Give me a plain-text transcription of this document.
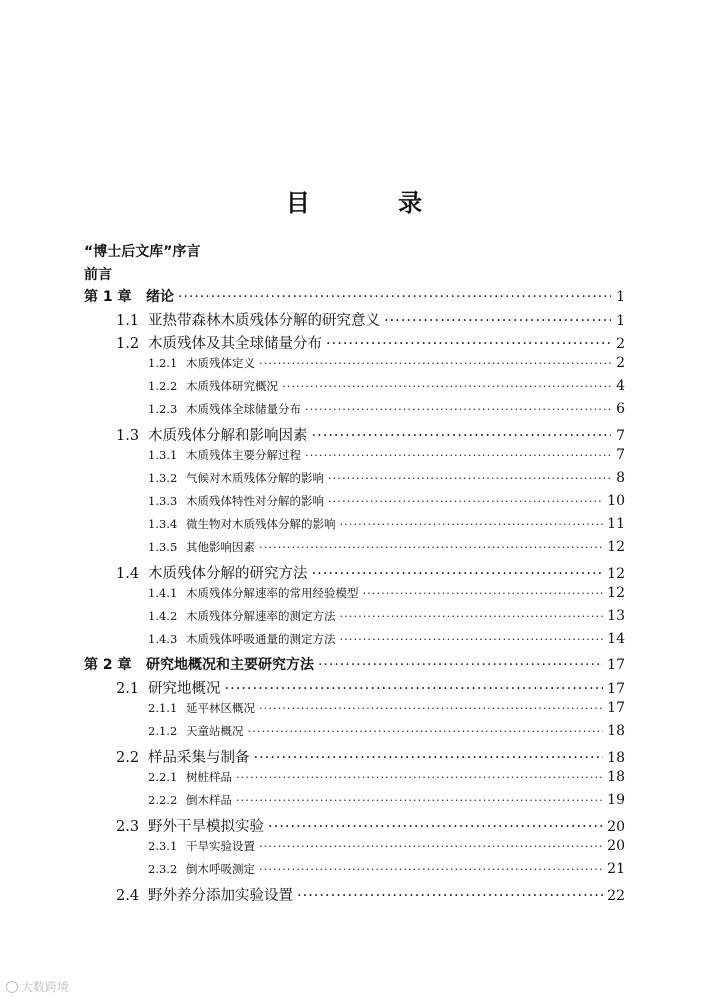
目 录
“博士后文库”序言
前言
第 1 章	绪论 ·····	1
1.1 亚热带森林木质残体分解的研究意义 ·····	1
1.2 木质残体及其全球储量分布 ·····	2
1.2.1 木质残体定义 ·····	2
1.2.2 木质残体研究概况 ·····	4
1.2.3 木质残体全球储量分布 ·····	6
1.3 木质残体分解和影响因素 ·····	7
1.3.1 木质残体主要分解过程 ·····	7
1.3.2 气候对木质残体分解的影响 ·····	8
1.3.3 木质残体特性对分解的影响 ·····	10
1.3.4 微生物对木质残体分解的影响 ·····	11
1.3.5 其他影响因素 ·····	12
1.4 木质残体分解的研究方法 ·····	12
1.4.1 木质残体分解速率的常用经验模型 ·····	12
1.4.2 木质残体分解速率的测定方法 ·····	13
1.4.3 木质残体呼吸通量的测定方法 ·····	14
第 2 章	研究地概况和主要研究方法 ·····	17
2.1 研究地概况 ·····	17
2.1.1 延平林区概况 ·····	17
2.1.2 天童站概况 ·····	18
2.2 样品采集与制备 ·····	18
2.2.1 树桩样品 ·····	18
2.2.2 倒木样品 ·····	19
2.3 野外干旱模拟实验 ·····	20
2.3.1 干旱实验设置 ·····	20
2.3.2 倒木呼吸测定 ·····	21
2.4 野外养分添加实验设置 ·····	22
大数跨境
